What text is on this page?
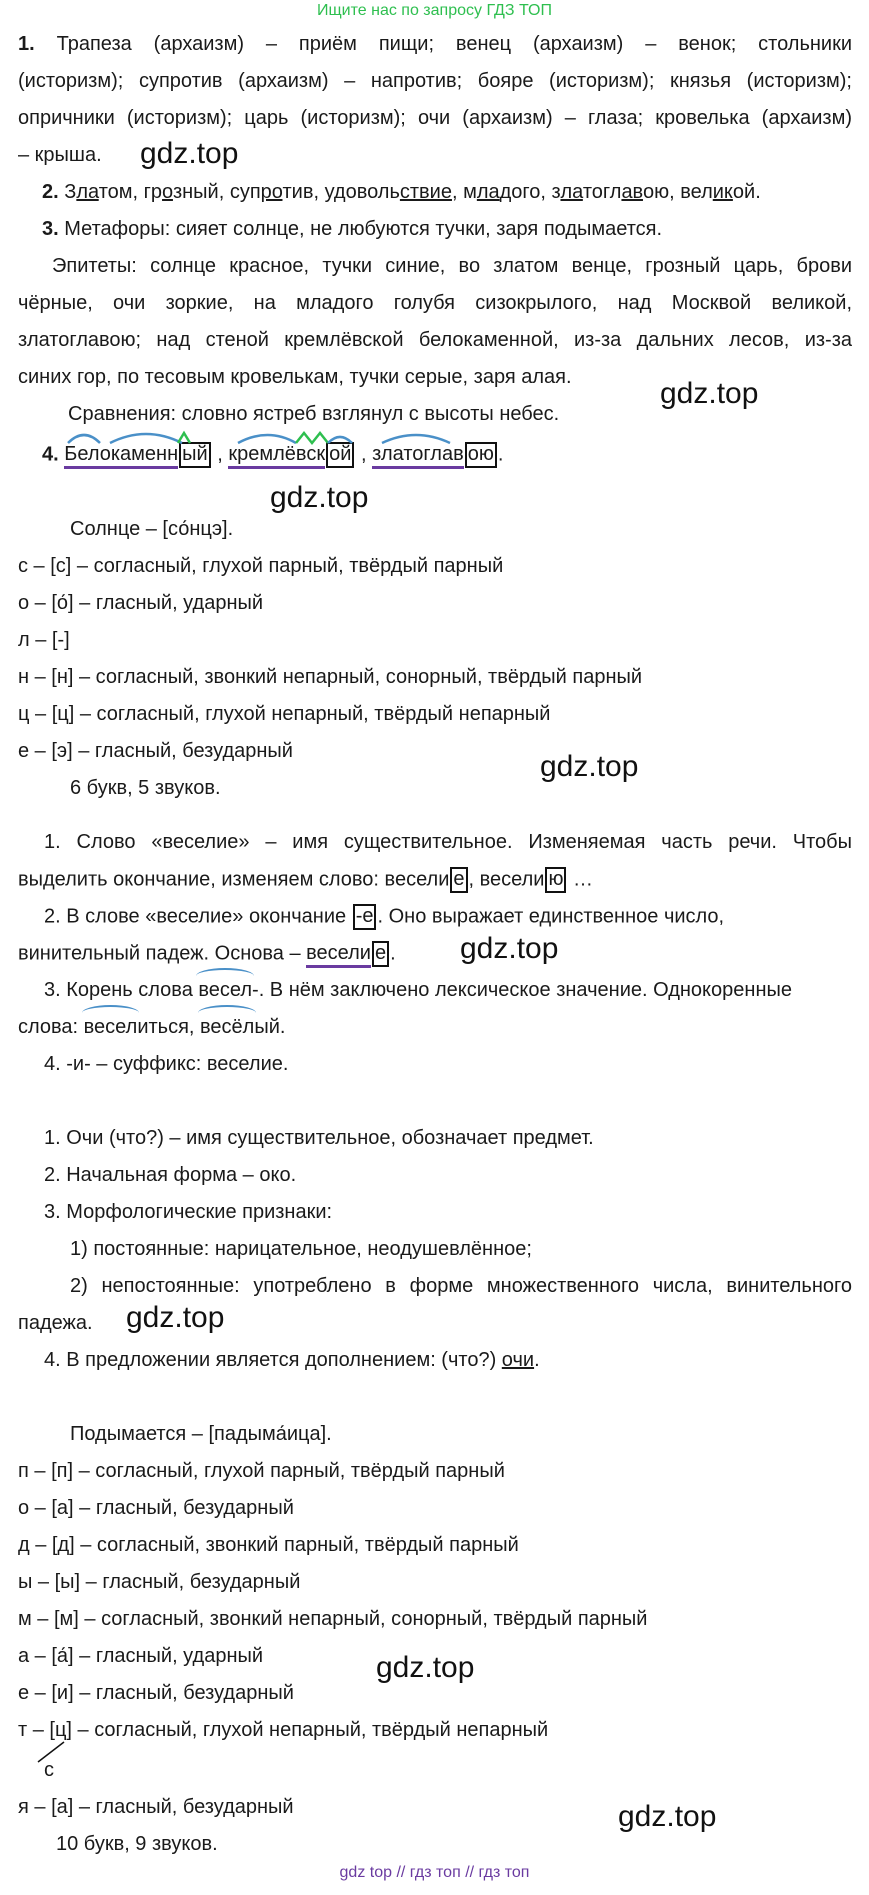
Ищите нас по запросу ГДЗ ТОП
1. Трапеза (архаизм) – приём пищи; венец (архаизм) – венок; стольники
(историзм); супротив (архаизм) – напротив; бояре (историзм); князья (историзм);
опричники (историзм); царь (историзм); очи (архаизм) – глаза; кровелька (архаизм)
– крыша. gdz.top
2. Златом, грозный, супротив, удовольствие, младого, златоглавою, великой.
3. Метафоры: сияет солнце, не любуются тучки, заря подымается.
Эпитеты: солнце красное, тучки синие, во златом венце, грозный царь, брови
чёрные, очи зоркие, на младого голубя сизокрылого, над Москвой великой,
златоглавою; над стеной кремлёвской белокаменной, из-за дальних лесов, из-за
синих гор, по тесовым кровелькам, тучки серые, заря алая.	gdz.top
Сравнения: словно ястреб взглянул с высоты небес.
4. Белокаменн ый , кремлёвск ой , златоглав ою .
gdz.top
Солнце – [со́нцэ].
с – [с] – согласный, глухой парный, твёрдый парный
о – [о́] – гласный, ударный
л – [-]
н – [н] – согласный, звонкий непарный, сонорный, твёрдый парный
ц – [ц] – согласный, глухой непарный, твёрдый непарный
е – [э] – гласный, безударный	gdz.top
6 букв, 5 звуков.
1. Слово «веселие» – имя существительное. Изменяемая часть речи. Чтобы
выделить окончание, изменяем слово: весели е , весели ю …
2. В слове «веселие» окончание -е . Оно выражает единственное число,
винительный падеж. Основа – весели е . gdz.top
3. Корень слова весел-. В нём заключено лексическое значение. Однокоренные
слова: веселиться, весёлый.
4. -и- – суффикс: веселие.
1. Очи (что?) – имя существительное, обозначает предмет.
2. Начальная форма – око.
3. Морфологические признаки:
1) постоянные: нарицательное, неодушевлённое;
2) непостоянные: употреблено в форме множественного числа, винительного
падежа. gdz.top
4. В предложении является дополнением: (что?) очи.
Подымается – [падыма́ица].
п – [п] – согласный, глухой парный, твёрдый парный
о – [а] – гласный, безударный
д – [д] – согласный, звонкий парный, твёрдый парный
ы – [ы] – гласный, безударный
м – [м] – согласный, звонкий непарный, сонорный, твёрдый парный
а – [а́] – гласный, ударный	gdz.top
е – [и] – гласный, безударный
т – [ц] – согласный, глухой непарный, твёрдый непарный
с
я – [а] – гласный, безударный	gdz.top
10 букв, 9 звуков.
gdz top // гдз топ // гдз топ
